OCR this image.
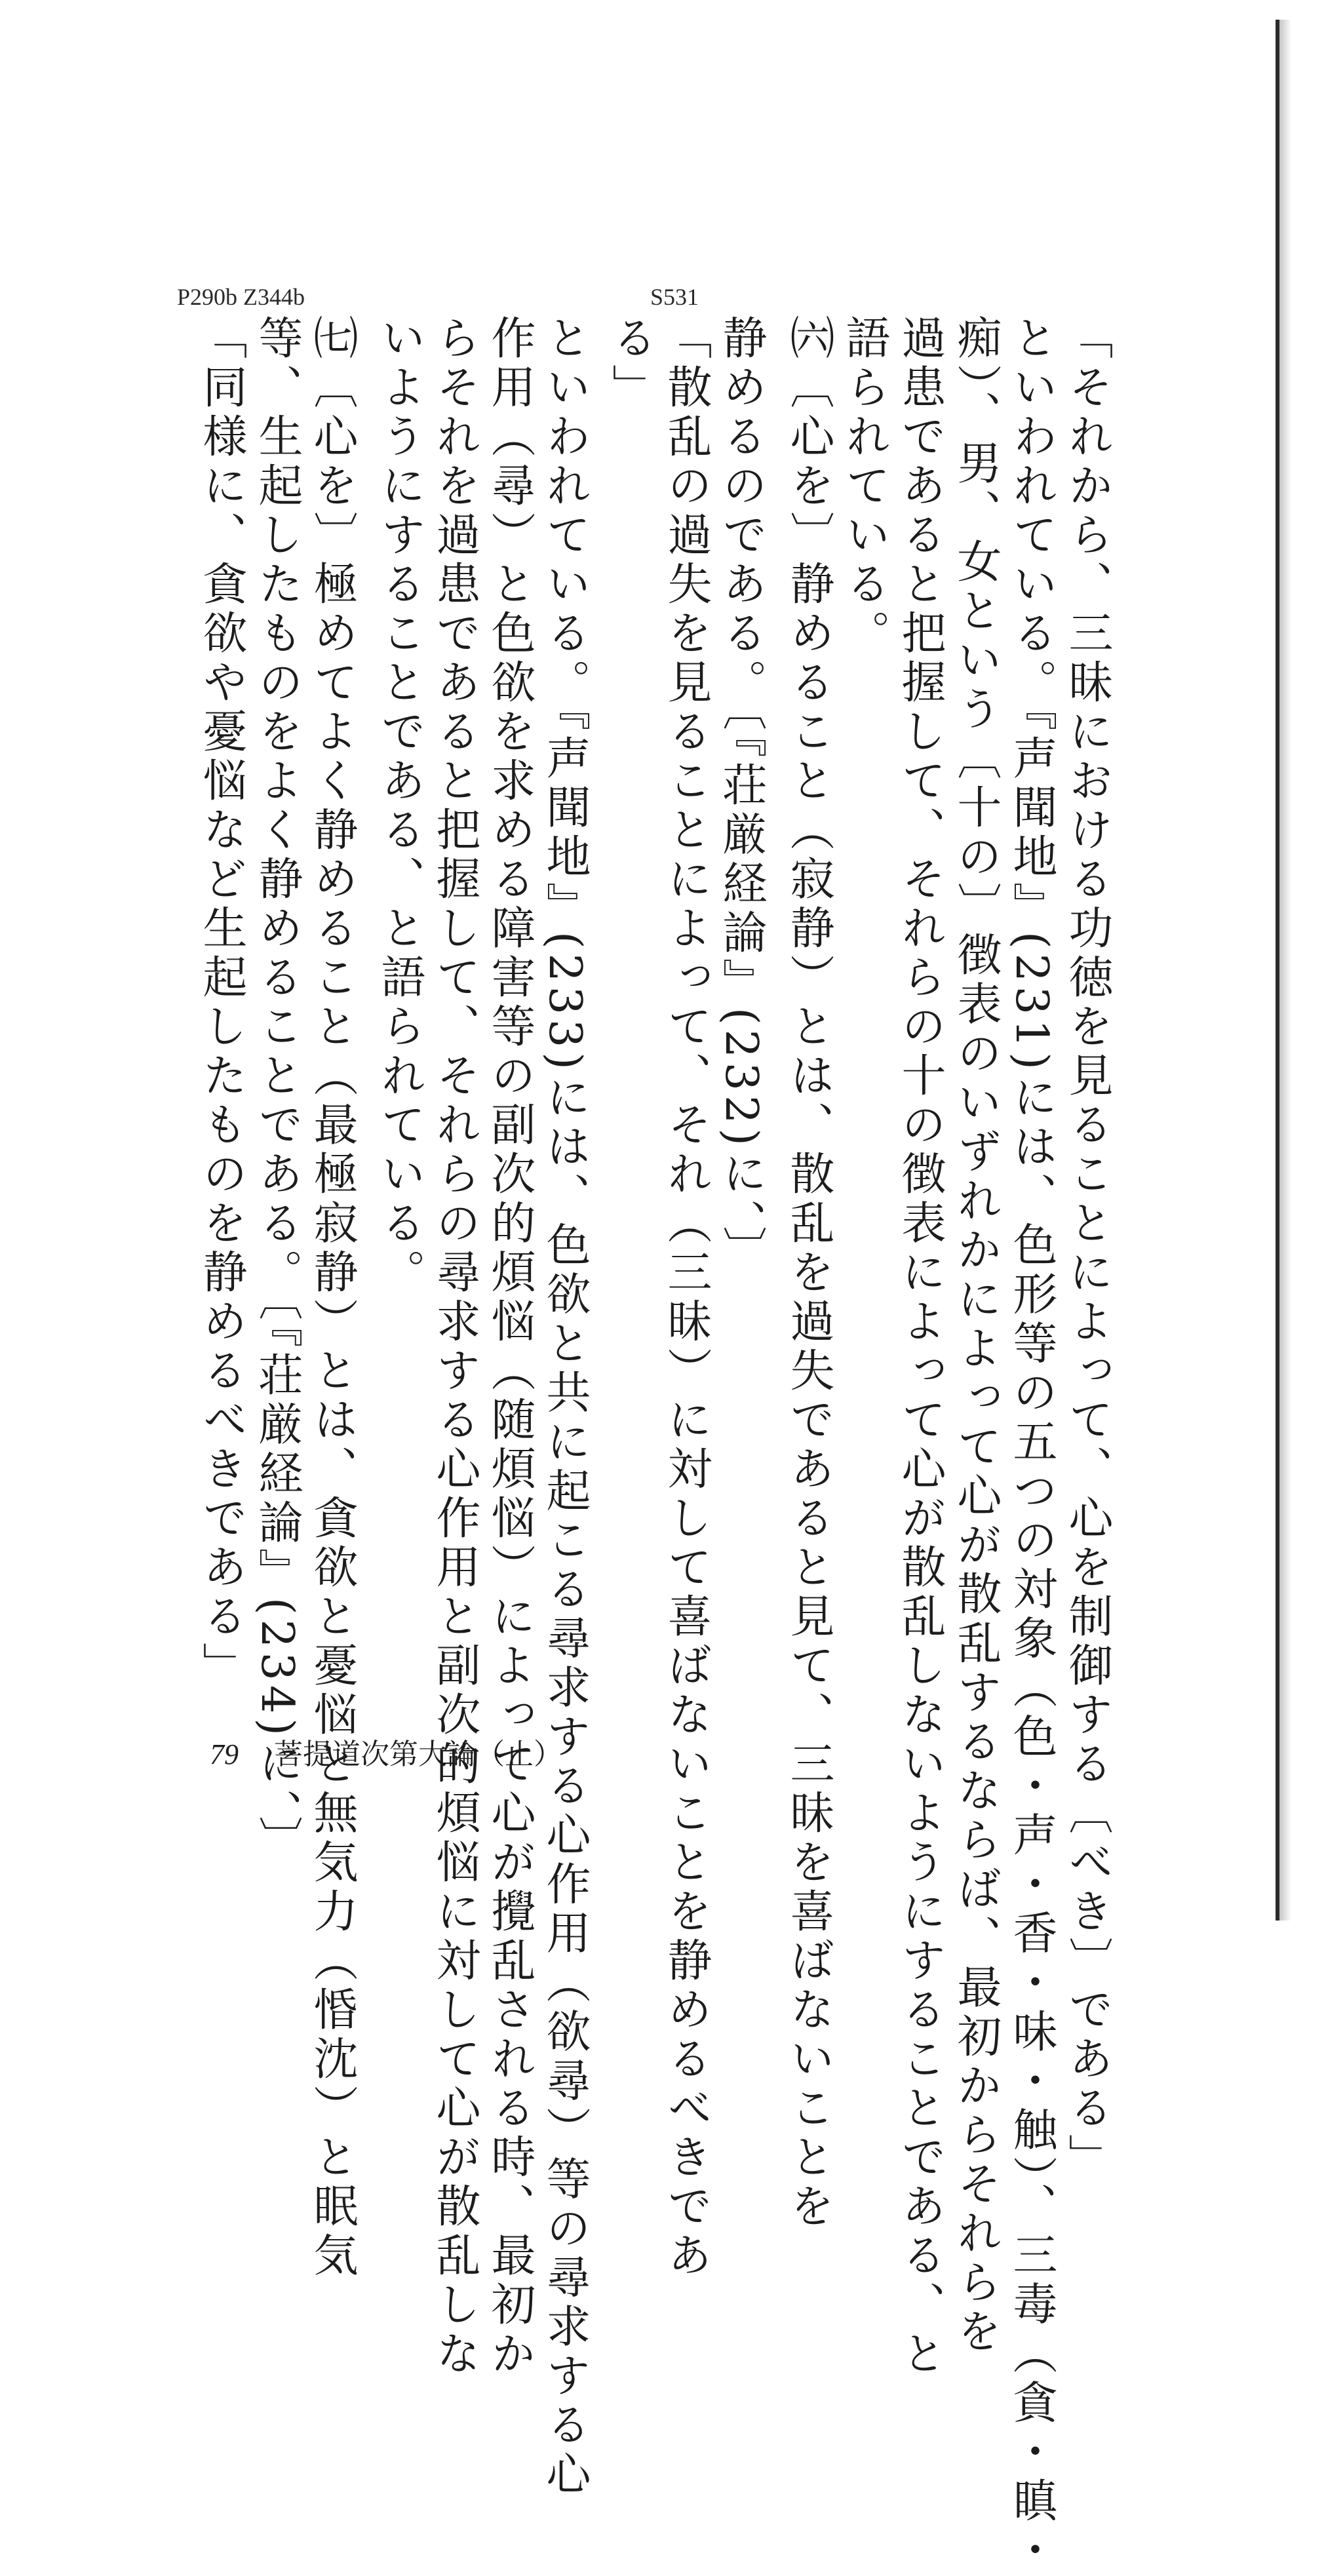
P290b Z344b	S531
「それから、三昧における功徳を見ることによって、心を制御する〔べき〕である」
といわれている。『声聞地』(231)には、色形等の五つの対象（色・声・香・味・触）、三毒（貪・瞋・
痴）、男、女という〔十の〕徴表のいずれかによって心が散乱するならば、最初からそれらを
過患であると把握して、それらの十の徴表によって心が散乱しないようにすることである、と
語られている。
㈥〔心を〕静めること（寂静）とは、散乱を過失であると見て、三昧を喜ばないことを
静めるのである。〔『荘厳経論』(232)に、〕
「散乱の過失を見ることによって、それ（三昧）に対して喜ばないことを静めるべきであ
る」
といわれている。『声聞地』(233)には、色欲と共に起こる尋求する心作用（欲尋）等の尋求する心
作用（尋）と色欲を求める障害等の副次的煩悩（随煩悩）によって心が攪乱される時、最初か
らそれを過患であると把握して、それらの尋求する心作用と副次的煩悩に対して心が散乱しな
いようにすることである、と語られている。
㈦〔心を〕極めてよく静めること（最極寂静）とは、貪欲と憂悩と無気力（惛沈）と眠気
等、生起したものをよく静めることである。〔『荘厳経論』(234)に、〕
「同様に、貪欲や憂悩など生起したものを静めるべきである」
79 菩提道次第大論（止）
